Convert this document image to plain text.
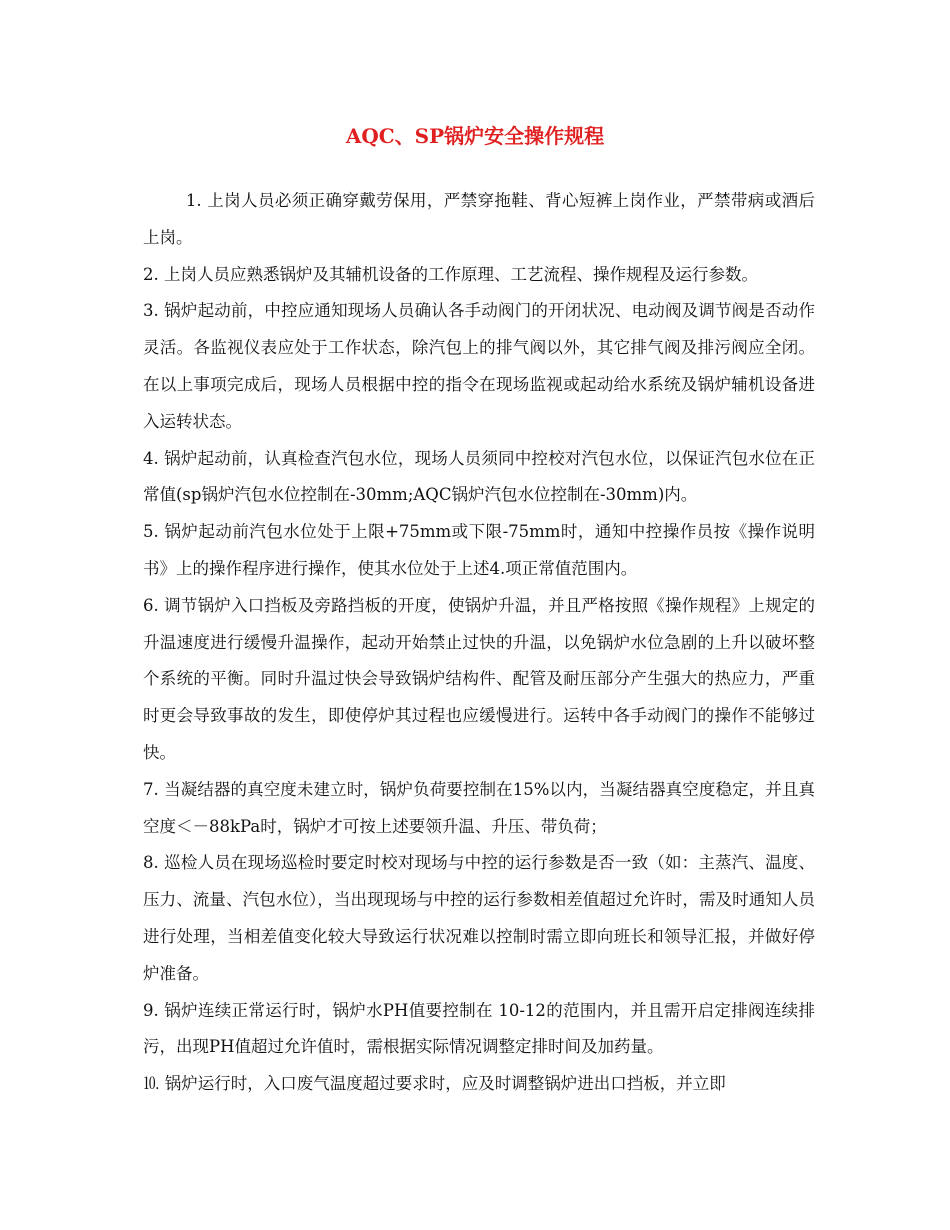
AQC、SP锅炉安全操作规程

1. 上岗人员必须正确穿戴劳保用，严禁穿拖鞋、背心短裤上岗作业，严禁带病或酒后上岗。

2. 上岗人员应熟悉锅炉及其辅机设备的工作原理、工艺流程、操作规程及运行参数。

3. 锅炉起动前，中控应通知现场人员确认各手动阀门的开闭状况、电动阀及调节阀是否动作灵活。各监视仪表应处于工作状态，除汽包上的排气阀以外，其它排气阀及排污阀应全闭。在以上事项完成后，现场人员根据中控的指令在现场监视或起动给水系统及锅炉辅机设备进入运转状态。

4. 锅炉起动前，认真检查汽包水位，现场人员须同中控校对汽包水位，以保证汽包水位在正常值(sp锅炉汽包水位控制在-30mm;AQC锅炉汽包水位控制在-30mm)内。

5. 锅炉起动前汽包水位处于上限+75mm或下限-75mm时，通知中控操作员按《操作说明书》上的操作程序进行操作，使其水位处于上述4.项正常值范围内。

6. 调节锅炉入口挡板及旁路挡板的开度，使锅炉升温，并且严格按照《操作规程》上规定的升温速度进行缓慢升温操作，起动开始禁止过快的升温，以免锅炉水位急剧的上升以破坏整个系统的平衡。同时升温过快会导致锅炉结构件、配管及耐压部分产生强大的热应力，严重时更会导致事故的发生，即使停炉其过程也应缓慢进行。运转中各手动阀门的操作不能够过快。

7. 当凝结器的真空度未建立时，锅炉负荷要控制在15%以内，当凝结器真空度稳定，并且真空度＜－88kPa时，锅炉才可按上述要领升温、升压、带负荷；

8. 巡检人员在现场巡检时要定时校对现场与中控的运行参数是否一致（如：主蒸汽、温度、压力、流量、汽包水位），当出现现场与中控的运行参数相差值超过允许时，需及时通知人员进行处理，当相差值变化较大导致运行状况难以控制时需立即向班长和领导汇报，并做好停炉准备。

9. 锅炉连续正常运行时，锅炉水PH值要控制在 10-12的范围内，并且需开启定排阀连续排污，出现PH值超过允许值时，需根据实际情况调整定排时间及加药量。

⒑ 锅炉运行时，入口废气温度超过要求时，应及时调整锅炉进出口挡板，并立即
